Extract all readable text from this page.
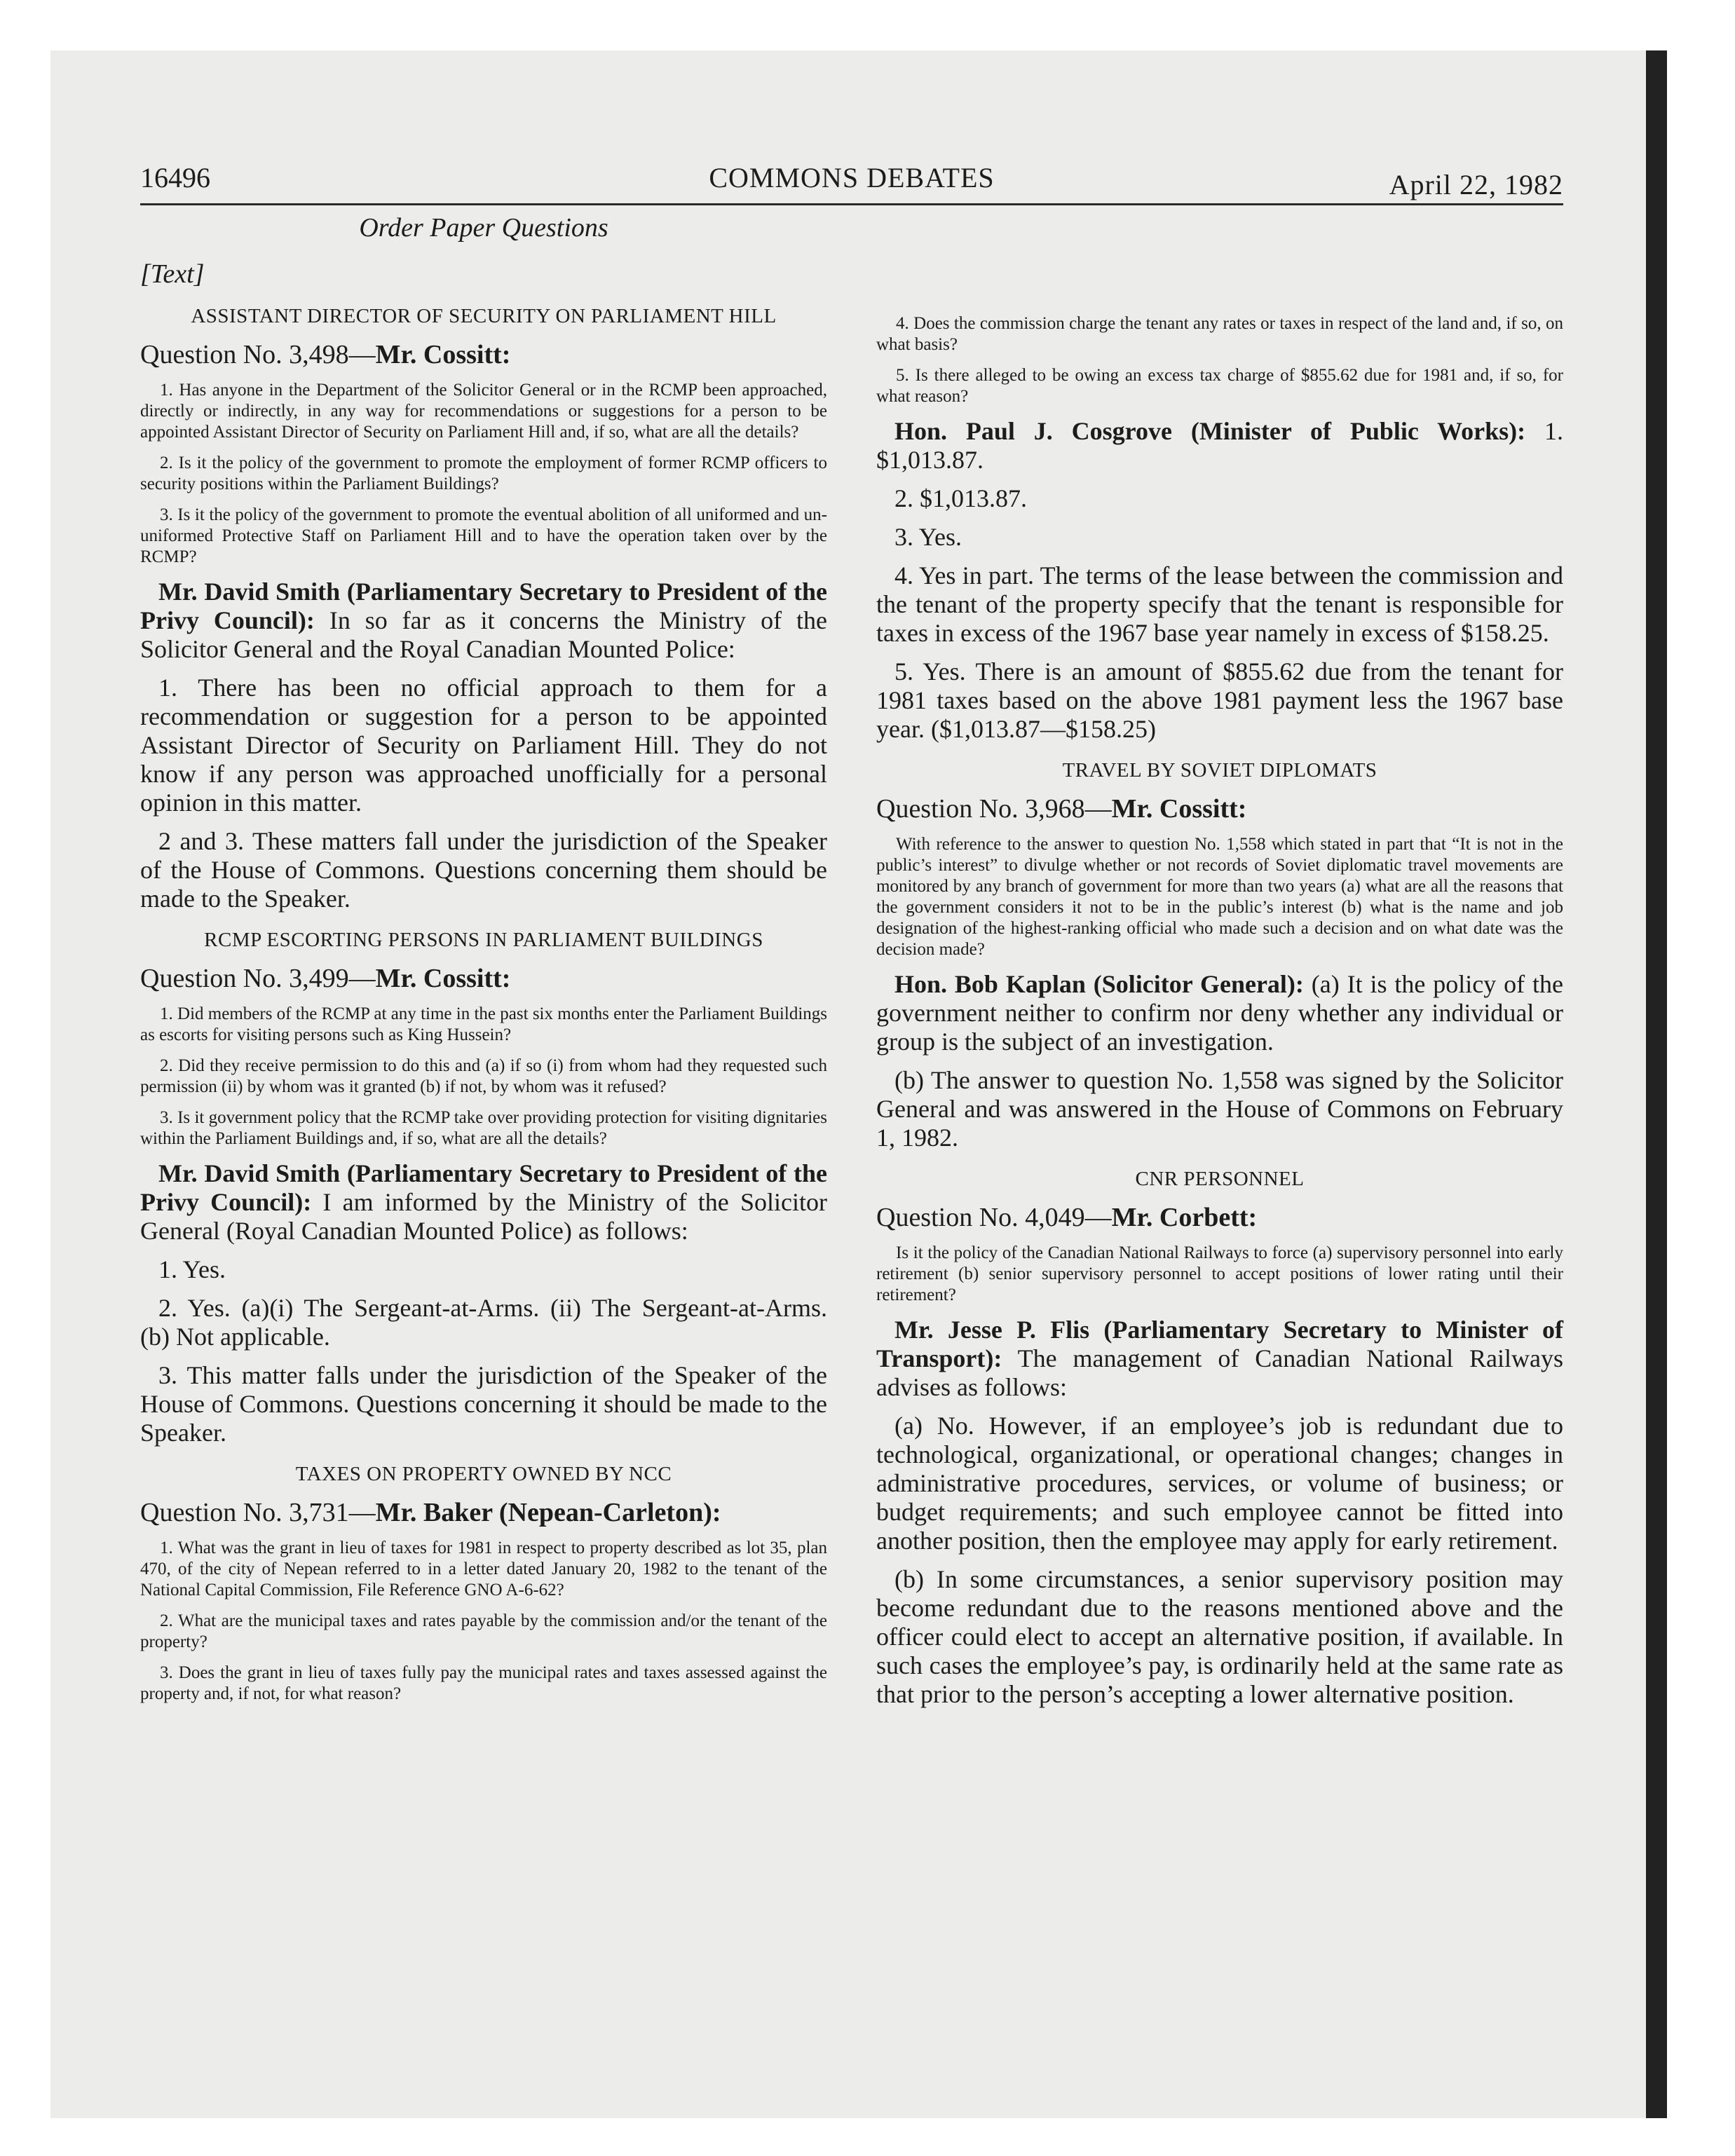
16496	COMMONS DEBATES	April 22, 1982
Order Paper Questions
[Text]
ASSISTANT DIRECTOR OF SECURITY ON PARLIAMENT HILL
Question No. 3,498—Mr. Cossitt:

1. Has anyone in the Department of the Solicitor General or in the RCMP been approached, directly or indirectly, in any way for recommendations or suggestions for a person to be appointed Assistant Director of Security on Parliament Hill and, if so, what are all the details?

2. Is it the policy of the government to promote the employment of former RCMP officers to security positions within the Parliament Buildings?

3. Is it the policy of the government to promote the eventual abolition of all uniformed and un-uniformed Protective Staff on Parliament Hill and to have the operation taken over by the RCMP?

Mr. David Smith (Parliamentary Secretary to President of the Privy Council): In so far as it concerns the Ministry of the Solicitor General and the Royal Canadian Mounted Police:

1. There has been no official approach to them for a recommendation or suggestion for a person to be appointed Assistant Director of Security on Parliament Hill. They do not know if any person was approached unofficially for a personal opinion in this matter.

2 and 3. These matters fall under the jurisdiction of the Speaker of the House of Commons. Questions concerning them should be made to the Speaker.

RCMP ESCORTING PERSONS IN PARLIAMENT BUILDINGS
Question No. 3,499—Mr. Cossitt:

1. Did members of the RCMP at any time in the past six months enter the Parliament Buildings as escorts for visiting persons such as King Hussein?

2. Did they receive permission to do this and (a) if so (i) from whom had they requested such permission (ii) by whom was it granted (b) if not, by whom was it refused?

3. Is it government policy that the RCMP take over providing protection for visiting dignitaries within the Parliament Buildings and, if so, what are all the details?

Mr. David Smith (Parliamentary Secretary to President of the Privy Council): I am informed by the Ministry of the Solicitor General (Royal Canadian Mounted Police) as follows:

1. Yes.

2. Yes. (a)(i) The Sergeant-at-Arms. (ii) The Sergeant-at-Arms. (b) Not applicable.

3. This matter falls under the jurisdiction of the Speaker of the House of Commons. Questions concerning it should be made to the Speaker.

TAXES ON PROPERTY OWNED BY NCC
Question No. 3,731—Mr. Baker (Nepean-Carleton):

1. What was the grant in lieu of taxes for 1981 in respect to property described as lot 35, plan 470, of the city of Nepean referred to in a letter dated January 20, 1982 to the tenant of the National Capital Commission, File Reference GNO A-6-62?

2. What are the municipal taxes and rates payable by the commission and/or the tenant of the property?

3. Does the grant in lieu of taxes fully pay the municipal rates and taxes assessed against the property and, if not, for what reason?

4. Does the commission charge the tenant any rates or taxes in respect of the land and, if so, on what basis?

5. Is there alleged to be owing an excess tax charge of $855.62 due for 1981 and, if so, for what reason?

Hon. Paul J. Cosgrove (Minister of Public Works): 1. $1,013.87.

2. $1,013.87.

3. Yes.

4. Yes in part. The terms of the lease between the commission and the tenant of the property specify that the tenant is responsible for taxes in excess of the 1967 base year namely in excess of $158.25.

5. Yes. There is an amount of $855.62 due from the tenant for 1981 taxes based on the above 1981 payment less the 1967 base year. ($1,013.87—$158.25)

TRAVEL BY SOVIET DIPLOMATS
Question No. 3,968—Mr. Cossitt:

With reference to the answer to question No. 1,558 which stated in part that “It is not in the public’s interest” to divulge whether or not records of Soviet diplomatic travel movements are monitored by any branch of government for more than two years (a) what are all the reasons that the government considers it not to be in the public’s interest (b) what is the name and job designation of the highest-ranking official who made such a decision and on what date was the decision made?

Hon. Bob Kaplan (Solicitor General): (a) It is the policy of the government neither to confirm nor deny whether any individual or group is the subject of an investigation.

(b) The answer to question No. 1,558 was signed by the Solicitor General and was answered in the House of Commons on February 1, 1982.

CNR PERSONNEL
Question No. 4,049—Mr. Corbett:

Is it the policy of the Canadian National Railways to force (a) supervisory personnel into early retirement (b) senior supervisory personnel to accept positions of lower rating until their retirement?

Mr. Jesse P. Flis (Parliamentary Secretary to Minister of Transport): The management of Canadian National Railways advises as follows:

(a) No. However, if an employee’s job is redundant due to technological, organizational, or operational changes; changes in administrative procedures, services, or volume of business; or budget requirements; and such employee cannot be fitted into another position, then the employee may apply for early retirement.

(b) In some circumstances, a senior supervisory position may become redundant due to the reasons mentioned above and the officer could elect to accept an alternative position, if available. In such cases the employee’s pay, is ordinarily held at the same rate as that prior to the person’s accepting a lower alternative position.
